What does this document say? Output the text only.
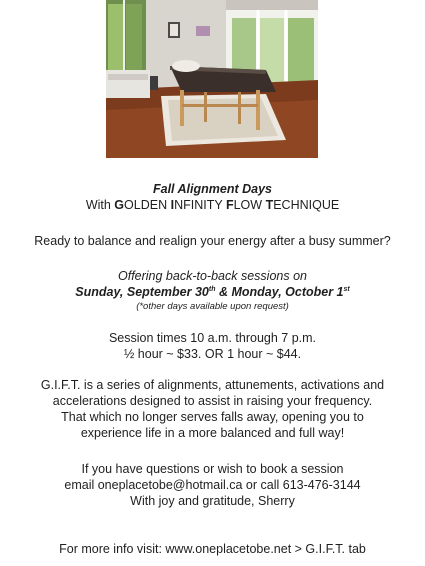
Fall Alignment Days
With GOLDEN INFINITY FLOW TECHNIQUE
Ready to balance and realign your energy after a busy summer?
Offering back-to-back sessions on
Sunday, September 30th & Monday, October 1st
(*other days available upon request)
Session times 10 a.m. through 7 p.m.
½ hour ~ $33. OR 1 hour ~ $44.
G.I.F.T. is a series of alignments, attunements, activations and
accelerations designed to assist in raising your frequency.
That which no longer serves falls away, opening you to
experience life in a more balanced and full way!
If you have questions or wish to book a session
email oneplacetobe@hotmail.ca or call 613-476-3144
With joy and gratitude, Sherry
For more info visit: www.oneplacetobe.net > G.I.F.T. tab
